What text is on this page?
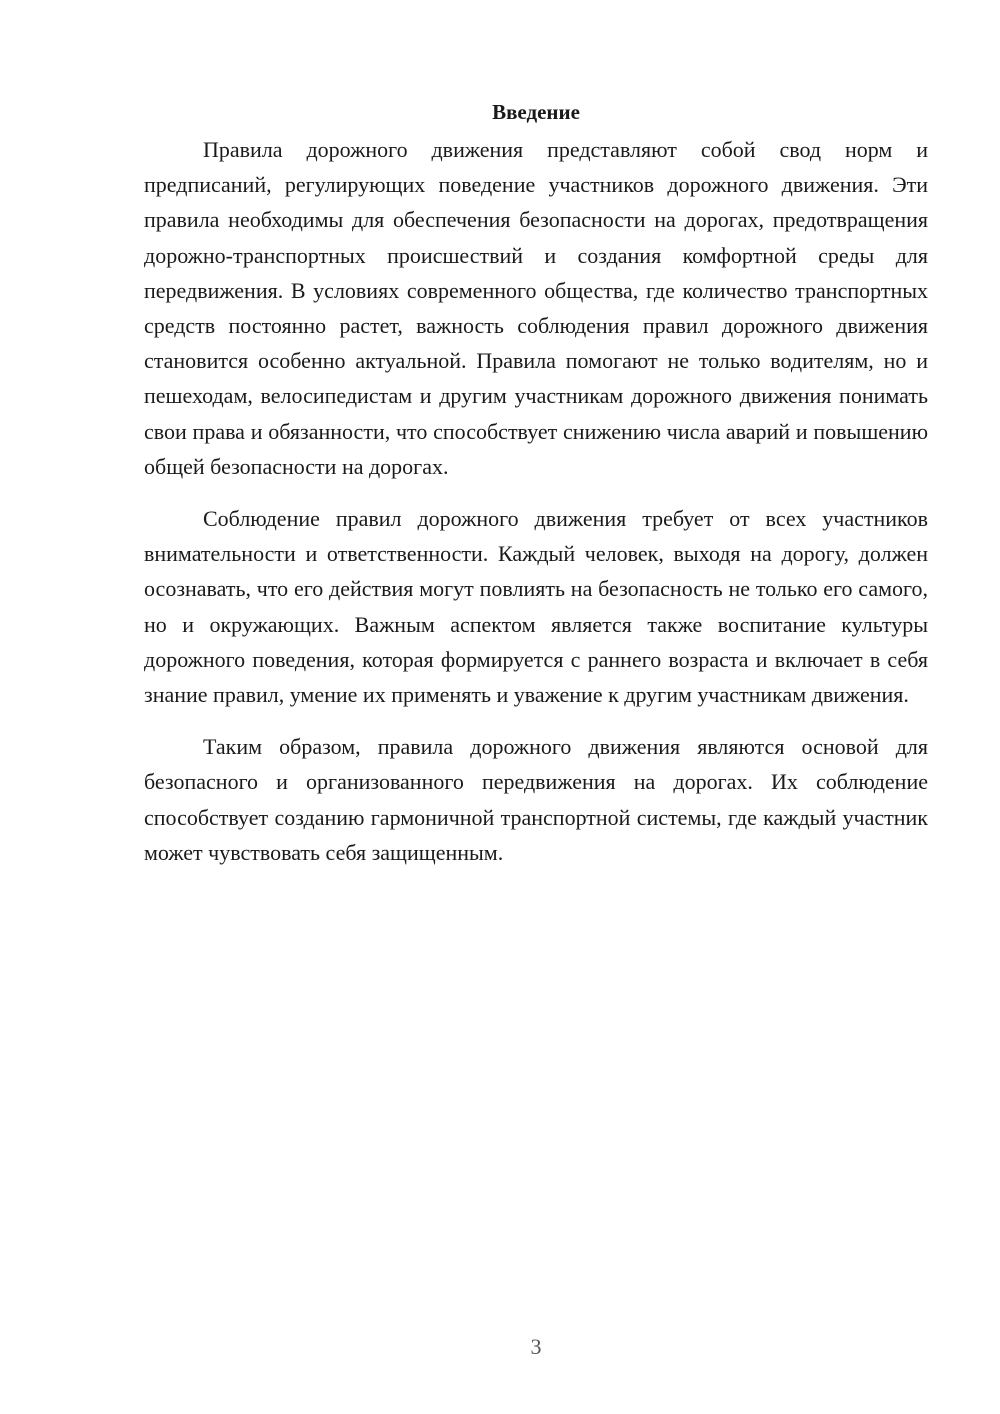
Введение

Правила дорожного движения представляют собой свод норм и предписаний, регулирующих поведение участников дорожного движения. Эти правила необходимы для обеспечения безопасности на дорогах, предотвращения дорожно-транспортных происшествий и создания комфортной среды для передвижения. В условиях современного общества, где количество транспортных средств постоянно растет, важность соблюдения правил дорожного движения становится особенно актуальной. Правила помогают не только водителям, но и пешеходам, велосипедистам и другим участникам дорожного движения понимать свои права и обязанности, что способствует снижению числа аварий и повышению общей безопасности на дорогах.

Соблюдение правил дорожного движения требует от всех участников внимательности и ответственности. Каждый человек, выходя на дорогу, должен осознавать, что его действия могут повлиять на безопасность не только его самого, но и окружающих. Важным аспектом является также воспитание культуры дорожного поведения, которая формируется с раннего возраста и включает в себя знание правил, умение их применять и уважение к другим участникам движения.

Таким образом, правила дорожного движения являются основой для безопасного и организованного передвижения на дорогах. Их соблюдение способствует созданию гармоничной транспортной системы, где каждый участник может чувствовать себя защищенным.

3
